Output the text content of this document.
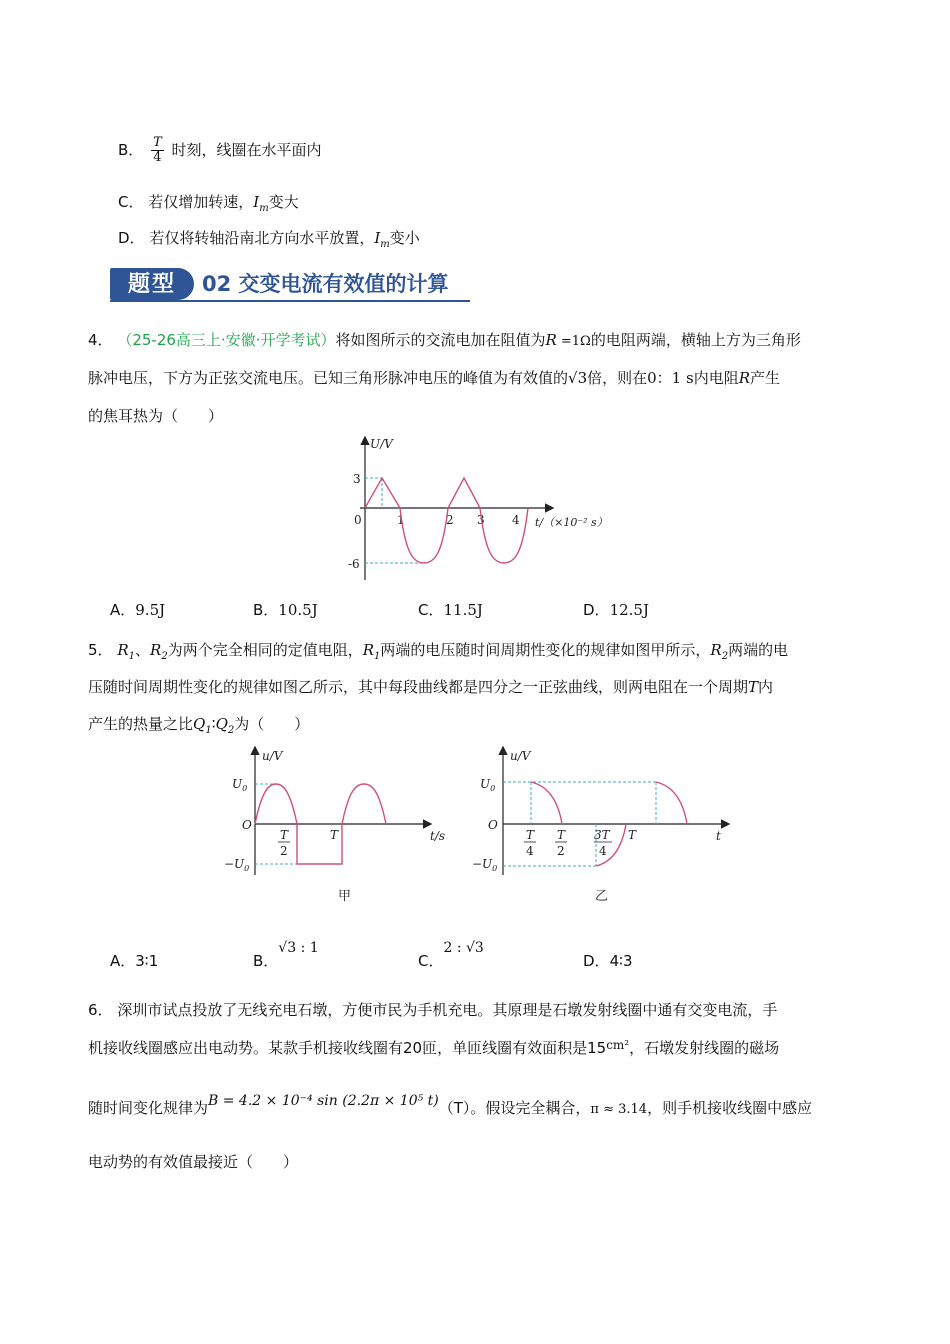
B． $\frac{T}{4}$ 时刻，线圈在水平面内
C． 若仅增加转速，$I_m$变大
D． 若仅将转轴沿南北方向水平放置，$I_m$变小
题型	02 交变电流有效值的计算
4． （25-26高三上·安徽·开学考试）将如图所示的交流电加在阻值为R =1Ω的电阻两端，横轴上方为三角形
脉冲电压，下方为正弦交流电压。已知三角形脉冲电压的峰值为有效值的√3倍，则在0：1 s内电阻R产生
的焦耳热为（　　）
U/V
t/（×10⁻² s）
0
3
-6
1	2 3 4
A．9.5J	B．10.5J	C．11.5J	D．12.5J
5． $R_1$、$R_2$为两个完全相同的定值电阻，$R_1$两端的电压随时间周期性变化的规律如图甲所示，$R_2$两端的电
压随时间周期性变化的规律如图乙所示，其中每段曲线都是四分之一正弦曲线，则两电阻在一个周期T内
产生的热量之比$Q_1∶Q_2$为（　　）
u/V
t/s
O
$U_0$
$-U_0$
T
2
T
甲
u/V
t
O
$U_0$
$-U_0$
T
4
T
2
3T
4
T
乙
A．3∶1	B．√3 : 1
C．2 : √3
D．4∶3
6． 深圳市试点投放了无线充电石墩，方便市民为手机充电。其原理是石墩发射线圈中通有交变电流，手
机接收线圈感应出电动势。某款手机接收线圈有20匝，单匝线圈有效面积是$15^{cm^2}$，石墩发射线圈的磁场
随时间变化规律为B = 4.2 × 10⁻⁴ sin (2.2π × 10⁵ t)（T）。假设完全耦合，π ≈ 3.14，则手机接收线圈中感应
电动势的有效值最接近（　　）
